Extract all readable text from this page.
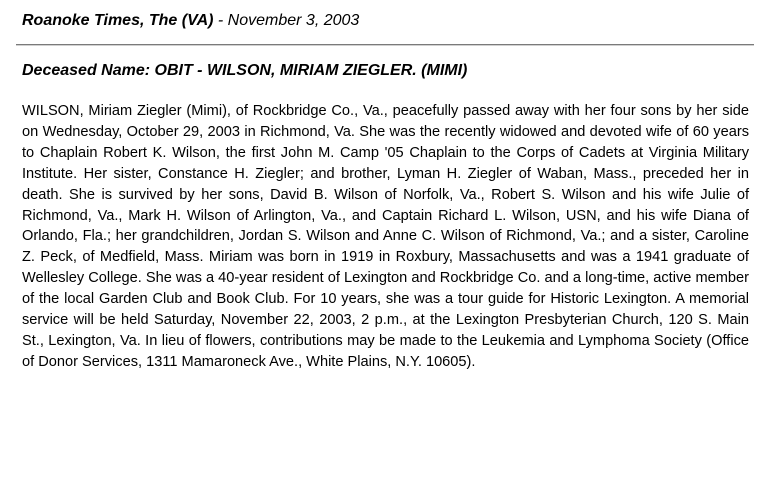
Roanoke Times, The (VA) - November 3, 2003
Deceased Name: OBIT - WILSON, MIRIAM ZIEGLER. (MIMI)

WILSON, Miriam Ziegler (Mimi), of Rockbridge Co., Va., peacefully passed away with her four sons by her side on Wednesday, October 29, 2003 in Richmond, Va. She was the recently widowed and devoted wife of 60 years to Chaplain Robert K. Wilson, the first John M. Camp '05 Chaplain to the Corps of Cadets at Virginia Military Institute. Her sister, Constance H. Ziegler; and brother, Lyman H. Ziegler of Waban, Mass., preceded her in death. She is survived by her sons, David B. Wilson of Norfolk, Va., Robert S. Wilson and his wife Julie of Richmond, Va., Mark H. Wilson of Arlington, Va., and Captain Richard L. Wilson, USN, and his wife Diana of Orlando, Fla.; her grandchildren, Jordan S. Wilson and Anne C. Wilson of Richmond, Va.; and a sister, Caroline Z. Peck, of Medfield, Mass. Miriam was born in 1919 in Roxbury, Massachusetts and was a 1941 graduate of Wellesley College. She was a 40-year resident of Lexington and Rockbridge Co. and a long-time, active member of the local Garden Club and Book Club. For 10 years, she was a tour guide for Historic Lexington. A memorial service will be held Saturday, November 22, 2003, 2 p.m., at the Lexington Presbyterian Church, 120 S. Main St., Lexington, Va. In lieu of flowers, contributions may be made to the Leukemia and Lymphoma Society (Office of Donor Services, 1311 Mamaroneck Ave., White Plains, N.Y. 10605).
